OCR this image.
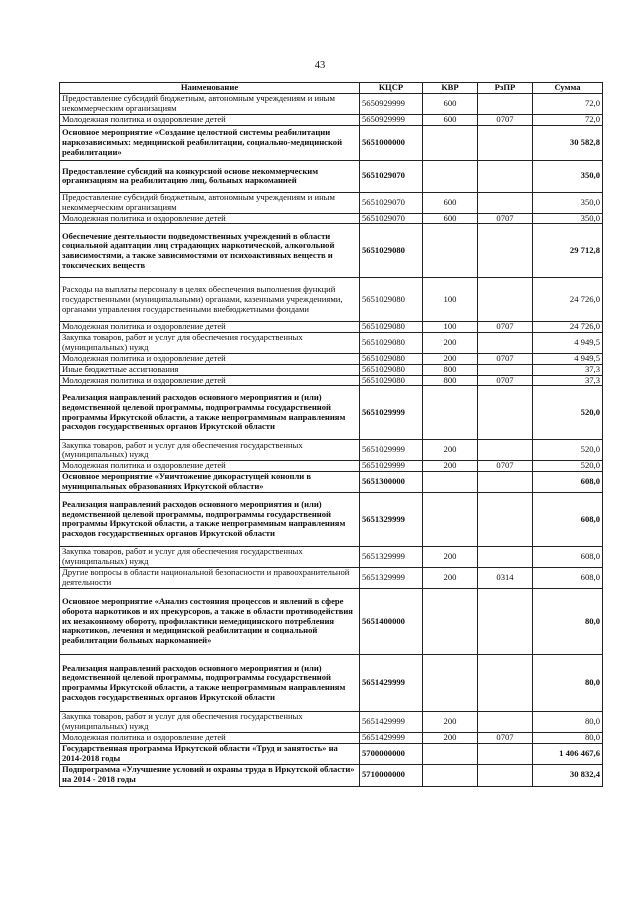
43
Наименование	КЦСР	КВР	РзПР	Сумма
Предоставление субсидий бюджетным, автономным учреждениям и иным некоммерческим организациям	5650929999	600		72,0
Молодежная политика и оздоровление детей	5650929999	600	0707	72,0
Основное мероприятие «Создание целостной системы реабилитации наркозависимых: медицинской реабилитации, социально-медицинской реабилитации»	5651000000			30 582,8
Предоставление субсидий на конкурсной основе некоммерческим организациям на реабилитацию лиц, больных наркоманией	5651029070			350,0
Предоставление субсидий бюджетным, автономным учреждениям и иным некоммерческим организациям	5651029070	600		350,0
Молодежная политика и оздоровление детей	5651029070	600	0707	350,0
Обеспечение деятельности подведомственных учреждений в области социальной адаптации лиц страдающих наркотической, алкогольной зависимостями, а также зависимостями от психоактивных веществ и токсических веществ	5651029080			29 712,8
Расходы на выплаты персоналу в целях обеспечения выполнения функций государственными (муниципальными) органами, казенными учреждениями, органами управления государственными внебюджетными фондами	5651029080	100		24 726,0
Молодежная политика и оздоровление детей	5651029080	100	0707	24 726,0
Закупка товаров, работ и услуг для обеспечения государственных (муниципальных) нужд	5651029080	200		4 949,5
Молодежная политика и оздоровление детей	5651029080	200	0707	4 949,5
Иные бюджетные ассигнования	5651029080	800		37,3
Молодежная политика и оздоровление детей	5651029080	800	0707	37,3
Реализация направлений расходов основного мероприятия и (или) ведомственной целевой программы, подпрограммы государственной программы Иркутской области, а также непрограммным направлениям расходов государственных органов Иркутской области	5651029999			520,0
Закупка товаров, работ и услуг для обеспечения государственных (муниципальных) нужд	5651029999	200		520,0
Молодежная политика и оздоровление детей	5651029999	200	0707	520,0
Основное мероприятие «Уничтожение дикорастущей конопли в муниципальных образованиях Иркутской области»	5651300000			608,0
Реализация направлений расходов основного мероприятия и (или) ведомственной целевой программы, подпрограммы государственной программы Иркутской области, а также непрограммным направлениям расходов государственных органов Иркутской области	5651329999			608,0
Закупка товаров, работ и услуг для обеспечения государственных (муниципальных) нужд	5651329999	200		608,0
Другие вопросы в области национальной безопасности и правоохранительной деятельности	5651329999	200	0314	608,0
Основное мероприятие «Анализ состояния процессов и явлений в сфере оборота наркотиков и их прекурсоров, а также в области противодействия их незаконному обороту, профилактики немедицинского потребления наркотиков, лечения и медицинской реабилитации и социальной реабилитации больных наркоманией»	5651400000			80,0
Реализация направлений расходов основного мероприятия и (или) ведомственной целевой программы, подпрограммы государственной программы Иркутской области, а также непрограммным направлениям расходов государственных органов Иркутской области	5651429999			80,0
Закупка товаров, работ и услуг для обеспечения государственных (муниципальных) нужд	5651429999	200		80,0
Молодежная политика и оздоровление детей	5651429999	200	0707	80,0
Государственная программа Иркутской области «Труд и занятость» на 2014-2018 годы	5700000000			1 406 467,6
Подпрограмма «Улучшение условий и охраны труда в Иркутской области» на 2014 - 2018 годы	5710000000			30 832,4
